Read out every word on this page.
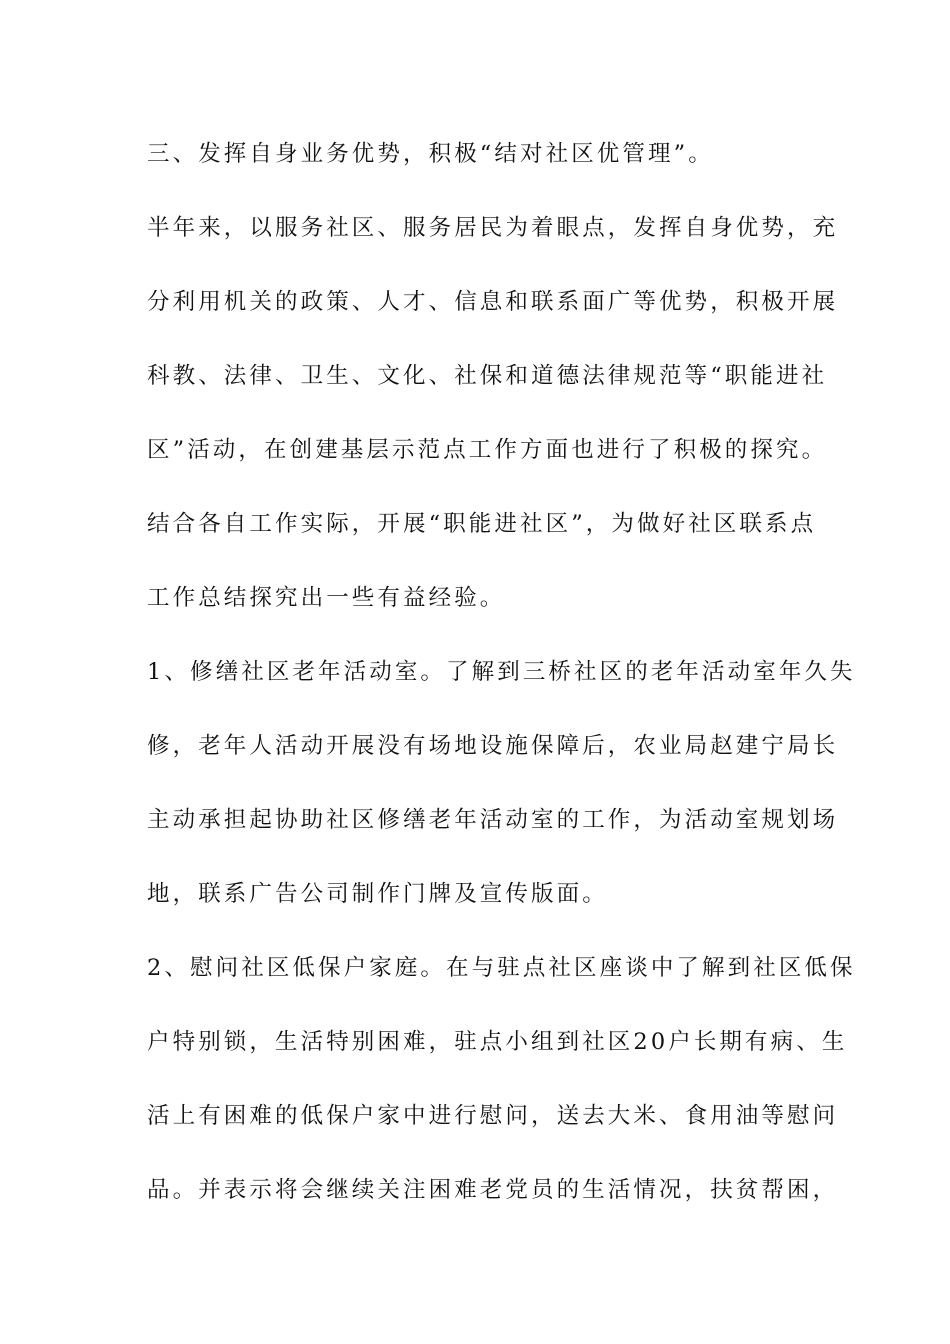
三、发挥自身业务优势，积极“结对社区优管理”。
半年来，以服务社区、服务居民为着眼点，发挥自身优势，充
分利用机关的政策、人才、信息和联系面广等优势，积极开展
科教、法律、卫生、文化、社保和道德法律规范等“职能进社
区”活动，在创建基层示范点工作方面也进行了积极的探究。
结合各自工作实际，开展“职能进社区”，为做好社区联系点
工作总结探究出一些有益经验。
1、修缮社区老年活动室。了解到三桥社区的老年活动室年久失
修，老年人活动开展没有场地设施保障后，农业局赵建宁局长
主动承担起协助社区修缮老年活动室的工作，为活动室规划场
地，联系广告公司制作门牌及宣传版面。
2、慰问社区低保户家庭。在与驻点社区座谈中了解到社区低保
户特别锁，生活特别困难，驻点小组到社区20户长期有病、生
活上有困难的低保户家中进行慰问，送去大米、食用油等慰问
品。并表示将会继续关注困难老党员的生活情况，扶贫帮困，
